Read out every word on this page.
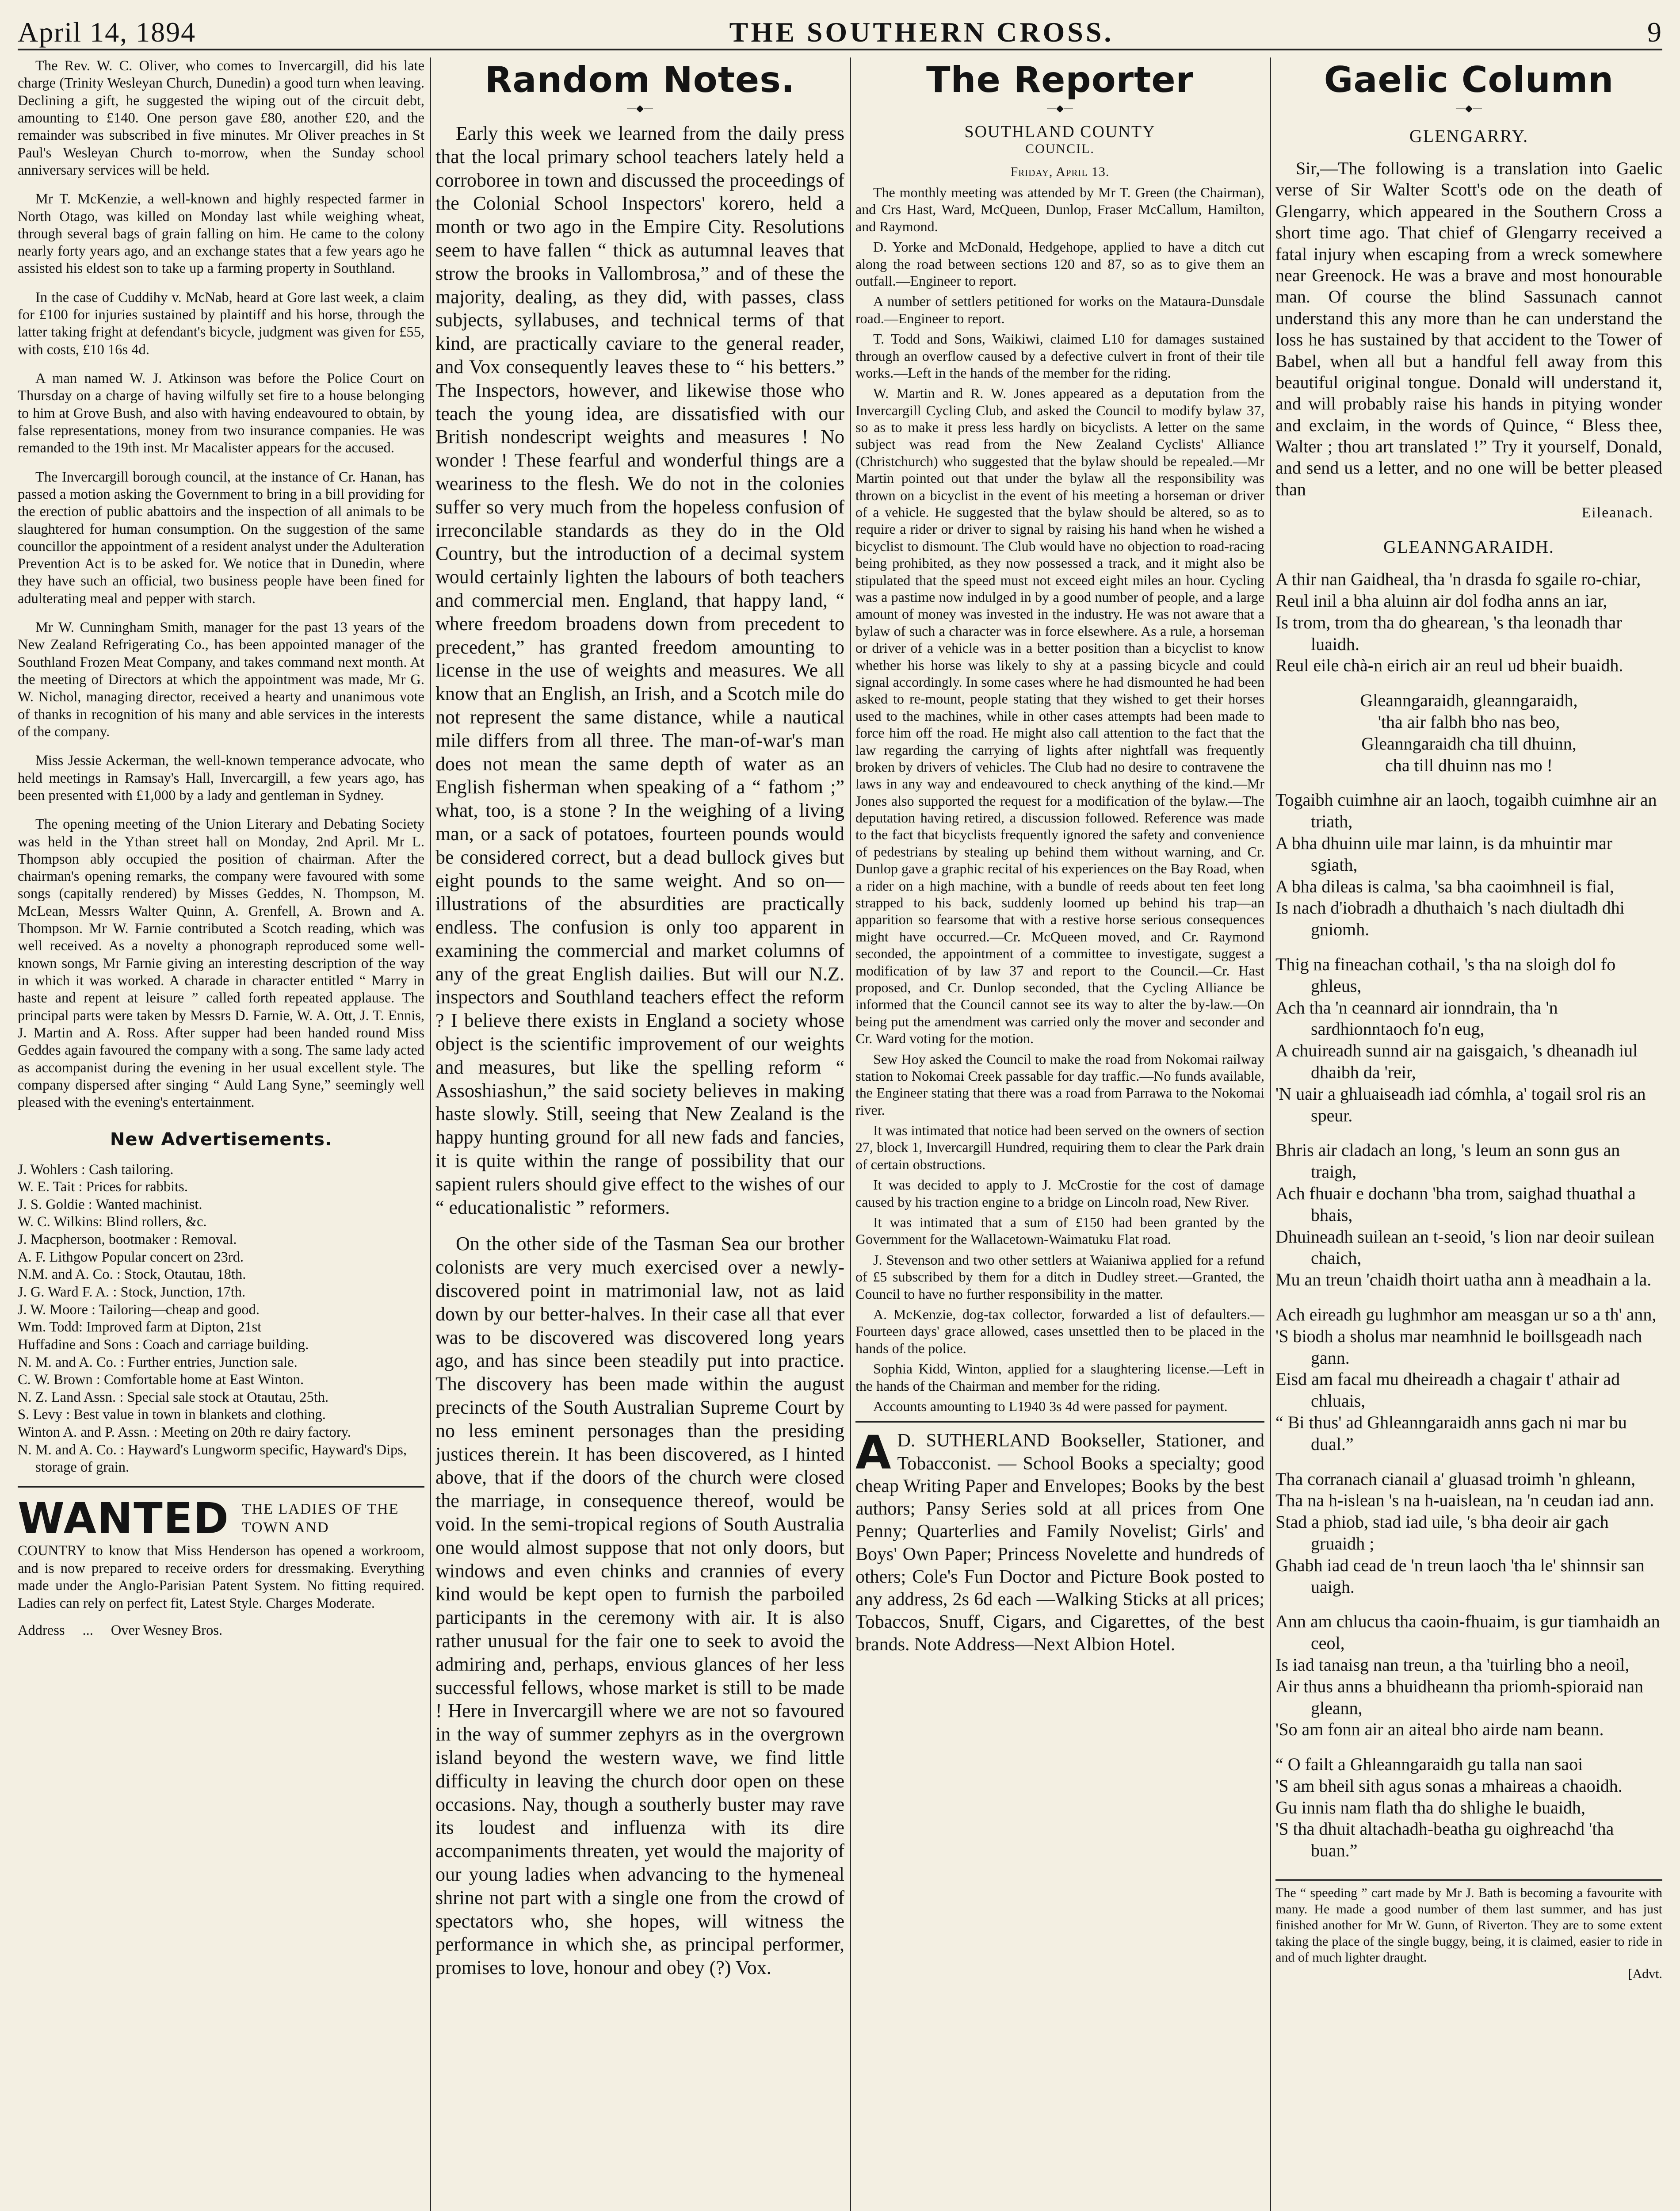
April 14, 1894	THE SOUTHERN CROSS.	9

The Rev. W. C. Oliver, who comes to Invercargill, did his late charge (Trinity Wesleyan Church, Dunedin) a good turn when leaving. Declining a gift, he suggested the wiping out of the circuit debt, amounting to £140. One person gave £80, another £20, and the remainder was subscribed in five minutes. Mr Oliver preaches in St Paul's Wesleyan Church to-morrow, when the Sunday school anniversary services will be held.

Mr T. McKenzie, a well-known and highly respected farmer in North Otago, was killed on Monday last while weighing wheat, through several bags of grain falling on him. He came to the colony nearly forty years ago, and an exchange states that a few years ago he assisted his eldest son to take up a farming property in Southland.

In the case of Cuddihy v. McNab, heard at Gore last week, a claim for £100 for injuries sustained by plaintiff and his horse, through the latter taking fright at defendant's bicycle, judgment was given for £55, with costs, £10 16s 4d.

A man named W. J. Atkinson was before the Police Court on Thursday on a charge of having wilfully set fire to a house belonging to him at Grove Bush, and also with having endeavoured to obtain, by false representations, money from two insurance companies. He was remanded to the 19th inst. Mr Macalister appears for the accused.

The Invercargill borough council, at the instance of Cr. Hanan, has passed a motion asking the Government to bring in a bill providing for the erection of public abattoirs and the inspection of all animals to be slaughtered for human consumption. On the suggestion of the same councillor the appointment of a resident analyst under the Adulteration Prevention Act is to be asked for. We notice that in Dunedin, where they have such an official, two business people have been fined for adulterating meal and pepper with starch.

Mr W. Cunningham Smith, manager for the past 13 years of the New Zealand Refrigerating Co., has been appointed manager of the Southland Frozen Meat Company, and takes command next month. At the meeting of Directors at which the appointment was made, Mr G. W. Nichol, managing director, received a hearty and unanimous vote of thanks in recognition of his many and able services in the interests of the company.

Miss Jessie Ackerman, the well-known temperance advocate, who held meetings in Ramsay's Hall, Invercargill, a few years ago, has been presented with £1,000 by a lady and gentleman in Sydney.

The opening meeting of the Union Literary and Debating Society was held in the Ythan street hall on Monday, 2nd April. Mr L. Thompson ably occupied the position of chairman. After the chairman's opening remarks, the company were favoured with some songs (capitally rendered) by Misses Geddes, N. Thompson, M. McLean, Messrs Walter Quinn, A. Grenfell, A. Brown and A. Thompson. Mr W. Farnie contributed a Scotch reading, which was well received. As a novelty a phonograph reproduced some well-known songs, Mr Farnie giving an interesting description of the way in which it was worked. A charade in character entitled “ Marry in haste and repent at leisure ” called forth repeated applause. The principal parts were taken by Messrs D. Farnie, W. A. Ott, J. T. Ennis, J. Martin and A. Ross. After supper had been handed round Miss Geddes again favoured the company with a song. The same lady acted as accompanist during the evening in her usual excellent style. The company dispersed after singing “ Auld Lang Syne,” seemingly well pleased with the evening's entertainment.

New Advertisements.
J. Wohlers : Cash tailoring.
W. E. Tait : Prices for rabbits.
J. S. Goldie : Wanted machinist.
W. C. Wilkins: Blind rollers, &c.
J. Macpherson, bootmaker : Removal.
A. F. Lithgow Popular concert on 23rd.
N.M. and A. Co. : Stock, Otautau, 18th.
J. G. Ward F. A. : Stock, Junction, 17th.
J. W. Moore : Tailoring—cheap and good.
Wm. Todd: Improved farm at Dipton, 21st
Huffadine and Sons : Coach and carriage building.
N. M. and A. Co. : Further entries, Junction sale.
C. W. Brown : Comfortable home at East Winton.
N. Z. Land Assn. : Special sale stock at Otautau, 25th.
S. Levy : Best value in town in blankets and clothing.
Winton A. and P. Assn. : Meeting on 20th re dairy factory.
N. M. and A. Co. : Hayward's Lungworm specific, Hayward's Dips, storage of grain.
WANTED THE LADIES OF THE TOWN AND
COUNTRY to know that Miss Henderson has opened a workroom, and is now prepared to receive orders for dressmaking. Everything made under the Anglo-Parisian Patent System. No fitting required. Ladies can rely on perfect fit, Latest Style. Charges Moderate.
Address ... Over Wesney Bros.
Random Notes.
—◆—

Early this week we learned from the daily press that the local primary school teachers lately held a corroboree in town and discussed the proceedings of the Colonial School Inspectors' korero, held a month or two ago in the Empire City. Resolutions seem to have fallen “ thick as autumnal leaves that strow the brooks in Vallombrosa,” and of these the majority, dealing, as they did, with passes, class subjects, syllabuses, and technical terms of that kind, are practically caviare to the general reader, and Vox consequently leaves these to “ his betters.” The Inspectors, however, and likewise those who teach the young idea, are dissatisfied with our British nondescript weights and measures ! No wonder ! These fearful and wonderful things are a weariness to the flesh. We do not in the colonies suffer so very much from the hopeless confusion of irreconcilable standards as they do in the Old Country, but the introduction of a decimal system would certainly lighten the labours of both teachers and commercial men. England, that happy land, “ where freedom broadens down from precedent to precedent,” has granted freedom amounting to license in the use of weights and measures. We all know that an English, an Irish, and a Scotch mile do not represent the same distance, while a nautical mile differs from all three. The man-of-war's man does not mean the same depth of water as an English fisherman when speaking of a “ fathom ;” what, too, is a stone ? In the weighing of a living man, or a sack of potatoes, fourteen pounds would be considered correct, but a dead bullock gives but eight pounds to the same weight. And so on—illustrations of the absurdities are practically endless. The confusion is only too apparent in examining the commercial and market columns of any of the great English dailies. But will our N.Z. inspectors and Southland teachers effect the reform ? I believe there exists in England a society whose object is the scientific improvement of our weights and measures, but like the spelling reform “ Assoshiashun,” the said society believes in making haste slowly. Still, seeing that New Zealand is the happy hunting ground for all new fads and fancies, it is quite within the range of possibility that our sapient rulers should give effect to the wishes of our “ educationalistic ” reformers.

On the other side of the Tasman Sea our brother colonists are very much exercised over a newly-discovered point in matrimonial law, not as laid down by our better-halves. In their case all that ever was to be discovered was discovered long years ago, and has since been steadily put into practice. The discovery has been made within the august precincts of the South Australian Supreme Court by no less eminent personages than the presiding justices therein. It has been discovered, as I hinted above, that if the doors of the church were closed the marriage, in consequence thereof, would be void. In the semi-tropical regions of South Australia one would almost suppose that not only doors, but windows and even chinks and crannies of every kind would be kept open to furnish the parboiled participants in the ceremony with air. It is also rather unusual for the fair one to seek to avoid the admiring and, perhaps, envious glances of her less successful fellows, whose market is still to be made ! Here in Invercargill where we are not so favoured in the way of summer zephyrs as in the overgrown island beyond the western wave, we find little difficulty in leaving the church door open on these occasions. Nay, though a southerly buster may rave its loudest and influenza with its dire accompaniments threaten, yet would the majority of our young ladies when advancing to the hymeneal shrine not part with a single one from the crowd of spectators who, she hopes, will witness the performance in which she, as principal performer, promises to love, honour and obey (?) Vox.

The Reporter
—◆—
SOUTHLAND COUNTY
COUNCIL.
Friday, April 13.

The monthly meeting was attended by Mr T. Green (the Chairman), and Crs Hast, Ward, McQueen, Dunlop, Fraser McCallum, Hamilton, and Raymond.

D. Yorke and McDonald, Hedgehope, applied to have a ditch cut along the road between sections 120 and 87, so as to give them an outfall.—Engineer to report.

A number of settlers petitioned for works on the Mataura-Dunsdale road.—Engineer to report.

T. Todd and Sons, Waikiwi, claimed L10 for damages sustained through an overflow caused by a defective culvert in front of their tile works.—Left in the hands of the member for the riding.

W. Martin and R. W. Jones appeared as a deputation from the Invercargill Cycling Club, and asked the Council to modify bylaw 37, so as to make it press less hardly on bicyclists. A letter on the same subject was read from the New Zealand Cyclists' Alliance (Christchurch) who suggested that the bylaw should be repealed.—Mr Martin pointed out that under the bylaw all the responsibility was thrown on a bicyclist in the event of his meeting a horseman or driver of a vehicle. He suggested that the bylaw should be altered, so as to require a rider or driver to signal by raising his hand when he wished a bicyclist to dismount. The Club would have no objection to road-racing being prohibited, as they now possessed a track, and it might also be stipulated that the speed must not exceed eight miles an hour. Cycling was a pastime now indulged in by a good number of people, and a large amount of money was invested in the industry. He was not aware that a bylaw of such a character was in force elsewhere. As a rule, a horseman or driver of a vehicle was in a better position than a bicyclist to know whether his horse was likely to shy at a passing bicycle and could signal accordingly. In some cases where he had dismounted he had been asked to re-mount, people stating that they wished to get their horses used to the machines, while in other cases attempts had been made to force him off the road. He might also call attention to the fact that the law regarding the carrying of lights after nightfall was frequently broken by drivers of vehicles. The Club had no desire to contravene the laws in any way and endeavoured to check anything of the kind.—Mr Jones also supported the request for a modification of the bylaw.—The deputation having retired, a discussion followed. Reference was made to the fact that bicyclists frequently ignored the safety and convenience of pedestrians by stealing up behind them without warning, and Cr. Dunlop gave a graphic recital of his experiences on the Bay Road, when a rider on a high machine, with a bundle of reeds about ten feet long strapped to his back, suddenly loomed up behind his trap—an apparition so fearsome that with a restive horse serious consequences might have occurred.—Cr. McQueen moved, and Cr. Raymond seconded, the appointment of a committee to investigate, suggest a modification of by law 37 and report to the Council.—Cr. Hast proposed, and Cr. Dunlop seconded, that the Cycling Alliance be informed that the Council cannot see its way to alter the by-law.—On being put the amendment was carried only the mover and seconder and Cr. Ward voting for the motion.

Sew Hoy asked the Council to make the road from Nokomai railway station to Nokomai Creek passable for day traffic.—No funds available, the Engineer stating that there was a road from Parrawa to the Nokomai river.

It was intimated that notice had been served on the owners of section 27, block 1, Invercargill Hundred, requiring them to clear the Park drain of certain obstructions.

It was decided to apply to J. McCrostie for the cost of damage caused by his traction engine to a bridge on Lincoln road, New River.

It was intimated that a sum of £150 had been granted by the Government for the Wallacetown-Waimatuku Flat road.

J. Stevenson and two other settlers at Waianiwa applied for a refund of £5 subscribed by them for a ditch in Dudley street.—Granted, the Council to have no further responsibility in the matter.

A. McKenzie, dog-tax collector, forwarded a list of defaulters.—Fourteen days' grace allowed, cases unsettled then to be placed in the hands of the police.

Sophia Kidd, Winton, applied for a slaughtering license.—Left in the hands of the Chairman and member for the riding.

Accounts amounting to L1940 3s 4d were passed for payment.

A D. SUTHERLAND Bookseller, Stationer, and Tobacconist. — School Books a specialty; good cheap Writing Paper and Envelopes; Books by the best authors; Pansy Series sold at all prices from One Penny; Quarterlies and Family Novelist; Girls' and Boys' Own Paper; Princess Novelette and hundreds of others; Cole's Fun Doctor and Picture Book posted to any address, 2s 6d each —Walking Sticks at all prices; Tobaccos, Snuff, Cigars, and Cigarettes, of the best brands. Note Address—Next Albion Hotel.
Gaelic Column
—◆—
GLENGARRY.

Sir,—The following is a translation into Gaelic verse of Sir Walter Scott's ode on the death of Glengarry, which appeared in the Southern Cross a short time ago. That chief of Glengarry received a fatal injury when escaping from a wreck somewhere near Greenock. He was a brave and most honourable man. Of course the blind Sassunach cannot understand this any more than he can understand the loss he has sustained by that accident to the Tower of Babel, when all but a handful fell away from this beautiful original tongue. Donald will understand it, and will probably raise his hands in pitying wonder and exclaim, in the words of Quince, “ Bless thee, Walter ; thou art translated !” Try it yourself, Donald, and send us a letter, and no one will be better pleased than

Eileanach.
GLEANNGARAIDH.
A thir nan Gaidheal, tha 'n drasda fo sgaile ro-chiar,
Reul inil a bha aluinn air dol fodha anns an iar,
Is trom, trom tha do ghearean, 's tha leonadh thar luaidh.
Reul eile chà-n eirich air an reul ud bheir buaidh.
Gleanngaraidh, gleanngaraidh,
'tha air falbh bho nas beo,
Gleanngaraidh cha till dhuinn,
cha till dhuinn nas mo !
Togaibh cuimhne air an laoch, togaibh cuimhne air an triath,
A bha dhuinn uile mar lainn, is da mhuintir mar sgiath,
A bha dileas is calma, 'sa bha caoimhneil is fial,
Is nach d'iobradh a dhuthaich 's nach diultadh dhi gniomh.
Thig na fineachan cothail, 's tha na sloigh dol fo ghleus,
Ach tha 'n ceannard air ionndrain, tha 'n sardhionntaoch fo'n eug,
A chuireadh sunnd air na gaisgaich, 's dheanadh iul dhaibh da 'reir,
'N uair a ghluaiseadh iad cómhla, a' togail srol ris an speur.
Bhris air cladach an long, 's leum an sonn gus an traigh,
Ach fhuair e dochann 'bha trom, saighad thuathal a bhais,
Dhuineadh suilean an t-seoid, 's lion nar deoir suilean chaich,
Mu an treun 'chaidh thoirt uatha ann à meadhain a la.
Ach eireadh gu lughmhor am measgan ur so a th' ann,
'S biodh a sholus mar neamhnid le boillsgeadh nach gann.
Eisd am facal mu dheireadh a chagair t' athair ad chluais,
“ Bi thus' ad Ghleanngaraidh anns gach ni mar bu dual.”
Tha corranach cianail a' gluasad troimh 'n ghleann,
Tha na h-islean 's na h-uaislean, na 'n ceudan iad ann.
Stad a phiob, stad iad uile, 's bha deoir air gach gruaidh ;
Ghabh iad cead de 'n treun laoch 'tha le' shinnsir san uaigh.
Ann am chlucus tha caoin-fhuaim, is gur tiamhaidh an ceol,
Is iad tanaisg nan treun, a tha 'tuirling bho a neoil,
Air thus anns a bhuidheann tha priomh-spioraid nan gleann,
'So am fonn air an aiteal bho airde nam beann.
“ O failt a Ghleanngaraidh gu talla nan saoi
'S am bheil sith agus sonas a mhaireas a chaoidh.
Gu innis nam flath tha do shlighe le buaidh,
'S tha dhuit altachadh-beatha gu oighreachd 'tha buan.”
The “ speeding ” cart made by Mr J. Bath is becoming a favourite with many. He made a good number of them last summer, and has just finished another for Mr W. Gunn, of Riverton. They are to some extent taking the place of the single buggy, being, it is claimed, easier to ride in and of much lighter draught.
[Advt.
